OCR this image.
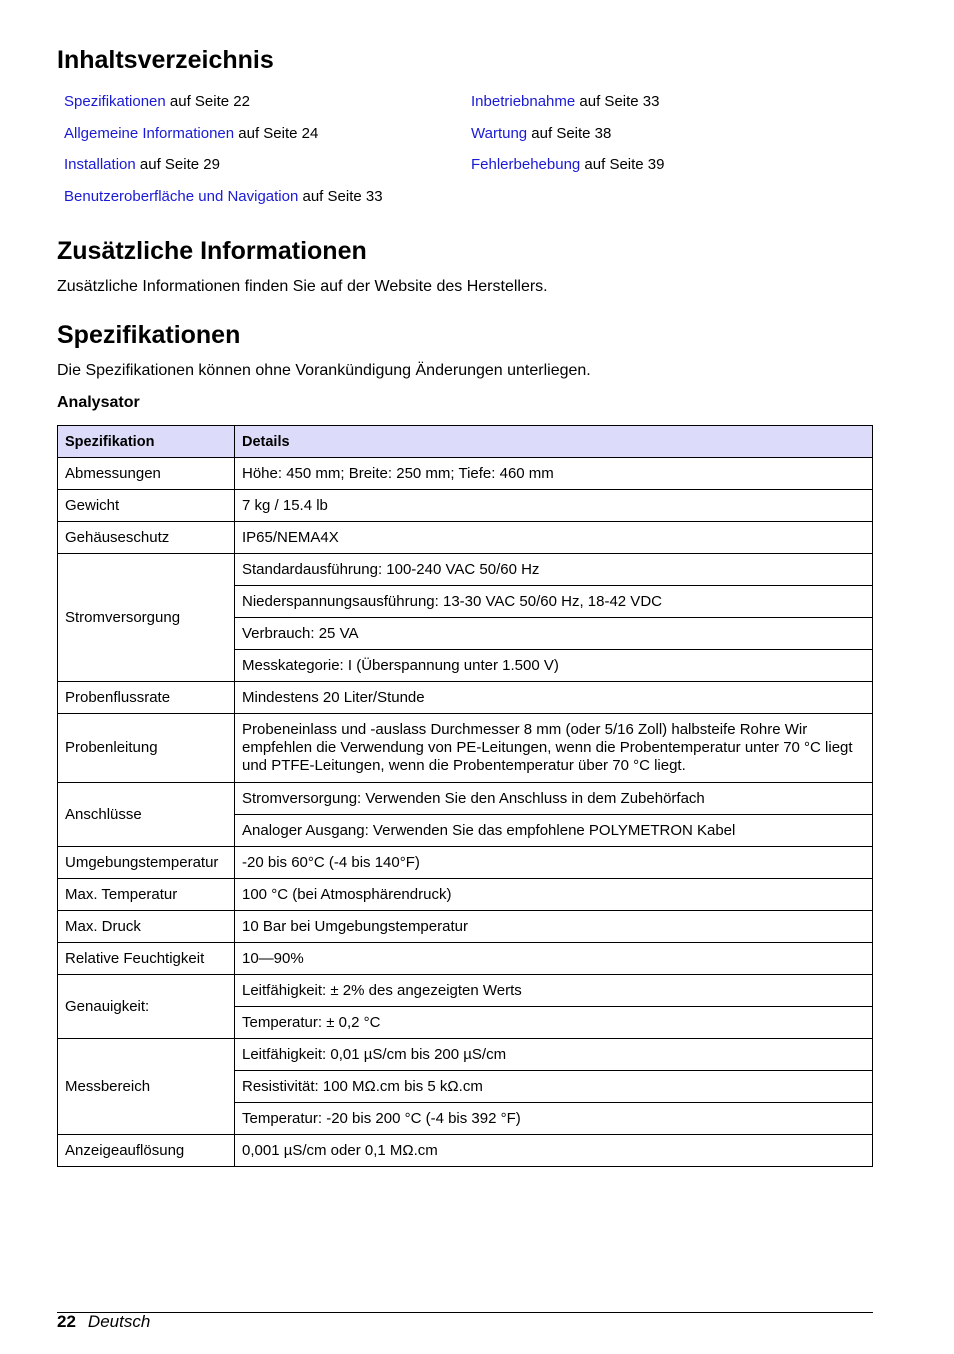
Inhaltsverzeichnis
Spezifikationen auf Seite 22
Allgemeine Informationen auf Seite 24
Installation auf Seite 29
Benutzeroberfläche und Navigation auf Seite 33
Inbetriebnahme auf Seite 33
Wartung auf Seite 38
Fehlerbehebung auf Seite 39
Zusätzliche Informationen

Zusätzliche Informationen finden Sie auf der Website des Herstellers.

Spezifikationen

Die Spezifikationen können ohne Vorankündigung Änderungen unterliegen.

Analysator
Spezifikation	Details
Abmessungen	Höhe: 450 mm; Breite: 250 mm; Tiefe: 460 mm
Gewicht	7 kg / 15.4 lb
Gehäuseschutz	IP65/NEMA4X
Stromversorgung	Standardausführung: 100-240 VAC 50/60 Hz
	Niederspannungsausführung: 13-30 VAC 50/60 Hz, 18-42 VDC
	Verbrauch: 25 VA
	Messkategorie: I (Überspannung unter 1.500 V)
Probenflussrate	Mindestens 20 Liter/Stunde
Probenleitung	Probeneinlass und -auslass Durchmesser 8 mm (oder 5/16 Zoll) halbsteife Rohre Wir empfehlen die Verwendung von PE-Leitungen, wenn die Probentemperatur unter 70 °C liegt und PTFE-Leitungen, wenn die Probentemperatur über 70 °C liegt.
Anschlüsse	Stromversorgung: Verwenden Sie den Anschluss in dem Zubehörfach
	Analoger Ausgang: Verwenden Sie das empfohlene POLYMETRON Kabel
Umgebungstemperatur	-20 bis 60°C (-4 bis 140°F)
Max. Temperatur	100 °C (bei Atmosphärendruck)
Max. Druck	10 Bar bei Umgebungstemperatur
Relative Feuchtigkeit	10—90%
Genauigkeit:	Leitfähigkeit: ± 2% des angezeigten Werts
	Temperatur: ± 0,2 °C
Messbereich	Leitfähigkeit: 0,01 µS/cm bis 200 µS/cm
	Resistivität: 100 MΩ.cm bis 5 kΩ.cm
	Temperatur: -20 bis 200 °C (-4 bis 392 °F)
Anzeigeauflösung	0,001 µS/cm oder 0,1 MΩ.cm
22 Deutsch
